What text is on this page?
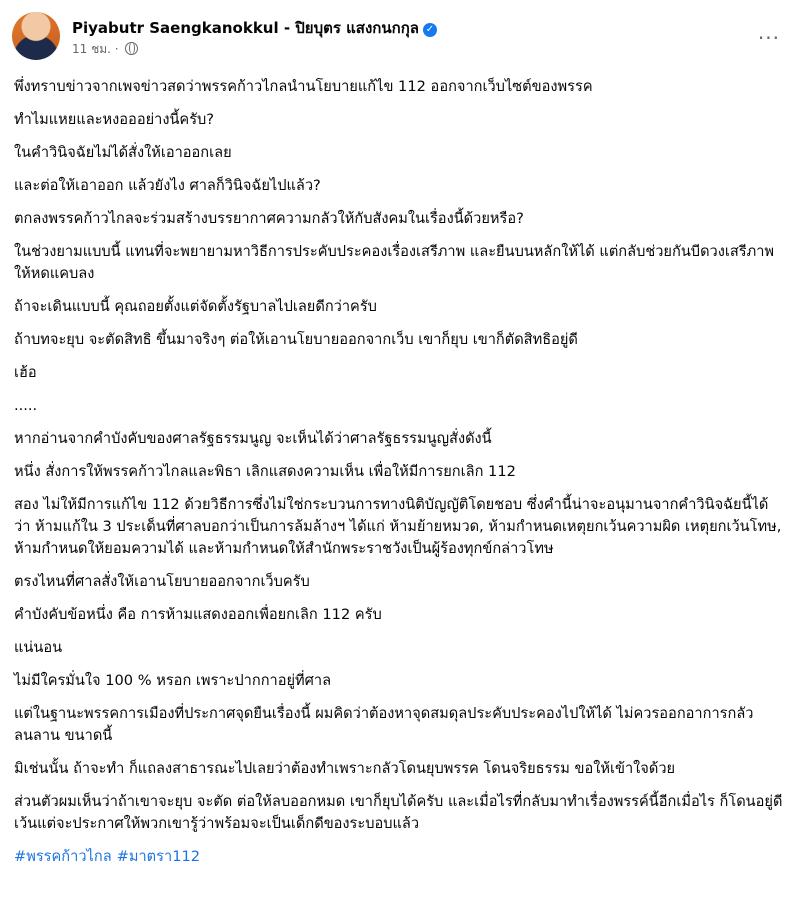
Piyabutr Saengkanokkul - ปิยบุตร แสงกนกกุล ✓
11 ชม. ·	···

พึ่งทราบข่าวจากเพจข่าวสดว่าพรรคก้าวไกลนำนโยบายแก้ไข 112 ออกจากเว็บไซต์ของพรรค

ทำไมแหยและหงอออย่างนี้ครับ?

ในคำวินิจฉัยไม่ได้สั่งให้เอาออกเลย

และต่อให้เอาออก แล้วยังไง ศาลก็วินิจฉัยไปแล้ว?

ตกลงพรรคก้าวไกลจะร่วมสร้างบรรยากาศความกลัวให้กับสังคมในเรื่องนี้ด้วยหรือ?

ในช่วงยามแบบนี้ แทนที่จะพยายามหาวิธีการประคับประคองเรื่องเสรีภาพ และยืนบนหลักให้ได้ แต่กลับช่วยกันบีดวงเสรีภาพให้หดแคบลง

ถ้าจะเดินแบบนี้ คุณถอยตั้งแต่จัดตั้งรัฐบาลไปเลยดีกว่าครับ

ถ้าบทจะยุบ จะตัดสิทธิ ขึ้นมาจริงๆ ต่อให้เอานโยบายออกจากเว็บ เขาก็ยุบ เขาก็ตัดสิทธิอยู่ดี

เฮ้อ

.....

หากอ่านจากคำบังคับของศาลรัฐธรรมนูญ จะเห็นได้ว่าศาลรัฐธรรมนูญสั่งดังนี้

หนึ่ง สั่งการให้พรรคก้าวไกลและพิธา เลิกแสดงความเห็น เพื่อให้มีการยกเลิก 112

สอง ไม่ให้มีการแก้ไข 112 ด้วยวิธีการซึ่งไม่ใช่กระบวนการทางนิติบัญญัติโดยชอบ ซึ่งคำนี้น่าจะอนุมานจากคำวินิจฉัยนี้ได้ว่า ห้ามแก้ใน 3 ประเด็นที่ศาลบอกว่าเป็นการล้มล้างฯ ได้แก่ ห้ามย้ายหมวด, ห้ามกำหนดเหตุยกเว้นความผิด เหตุยกเว้นโทษ, ห้ามกำหนดให้ยอมความได้ และห้ามกำหนดให้สำนักพระราชวังเป็นผู้ร้องทุกข์กล่าวโทษ

ตรงไหนที่ศาลสั่งให้เอานโยบายออกจากเว็บครับ

คำบังคับข้อหนึ่ง คือ การห้ามแสดงออกเพื่อยกเลิก 112 ครับ

แน่นอน

ไม่มีใครมั่นใจ 100 % หรอก เพราะปากกาอยู่ที่ศาล

แต่ในฐานะพรรคการเมืองที่ประกาศจุดยืนเรื่องนี้ ผมคิดว่าต้องหาจุดสมดุลประคับประคองไปให้ได้ ไม่ควรออกอาการกลัว ลนลาน ขนาดนี้

มิเช่นนั้น ถ้าจะทำ ก็แถลงสาธารณะไปเลยว่าต้องทำเพราะกลัวโดนยุบพรรค โดนจริยธรรม ขอให้เข้าใจด้วย

ส่วนตัวผมเห็นว่าถ้าเขาจะยุบ จะตัด ต่อให้ลบออกหมด เขาก็ยุบได้ครับ และเมื่อไรที่กลับมาทำเรื่องพรรค์นี้อีกเมื่อไร ก็โดนอยู่ดี เว้นแต่จะประกาศให้พวกเขารู้ว่าพร้อมจะเป็นเด็กดีของระบอบแล้ว

#พรรคก้าวไกล #มาตรา112
